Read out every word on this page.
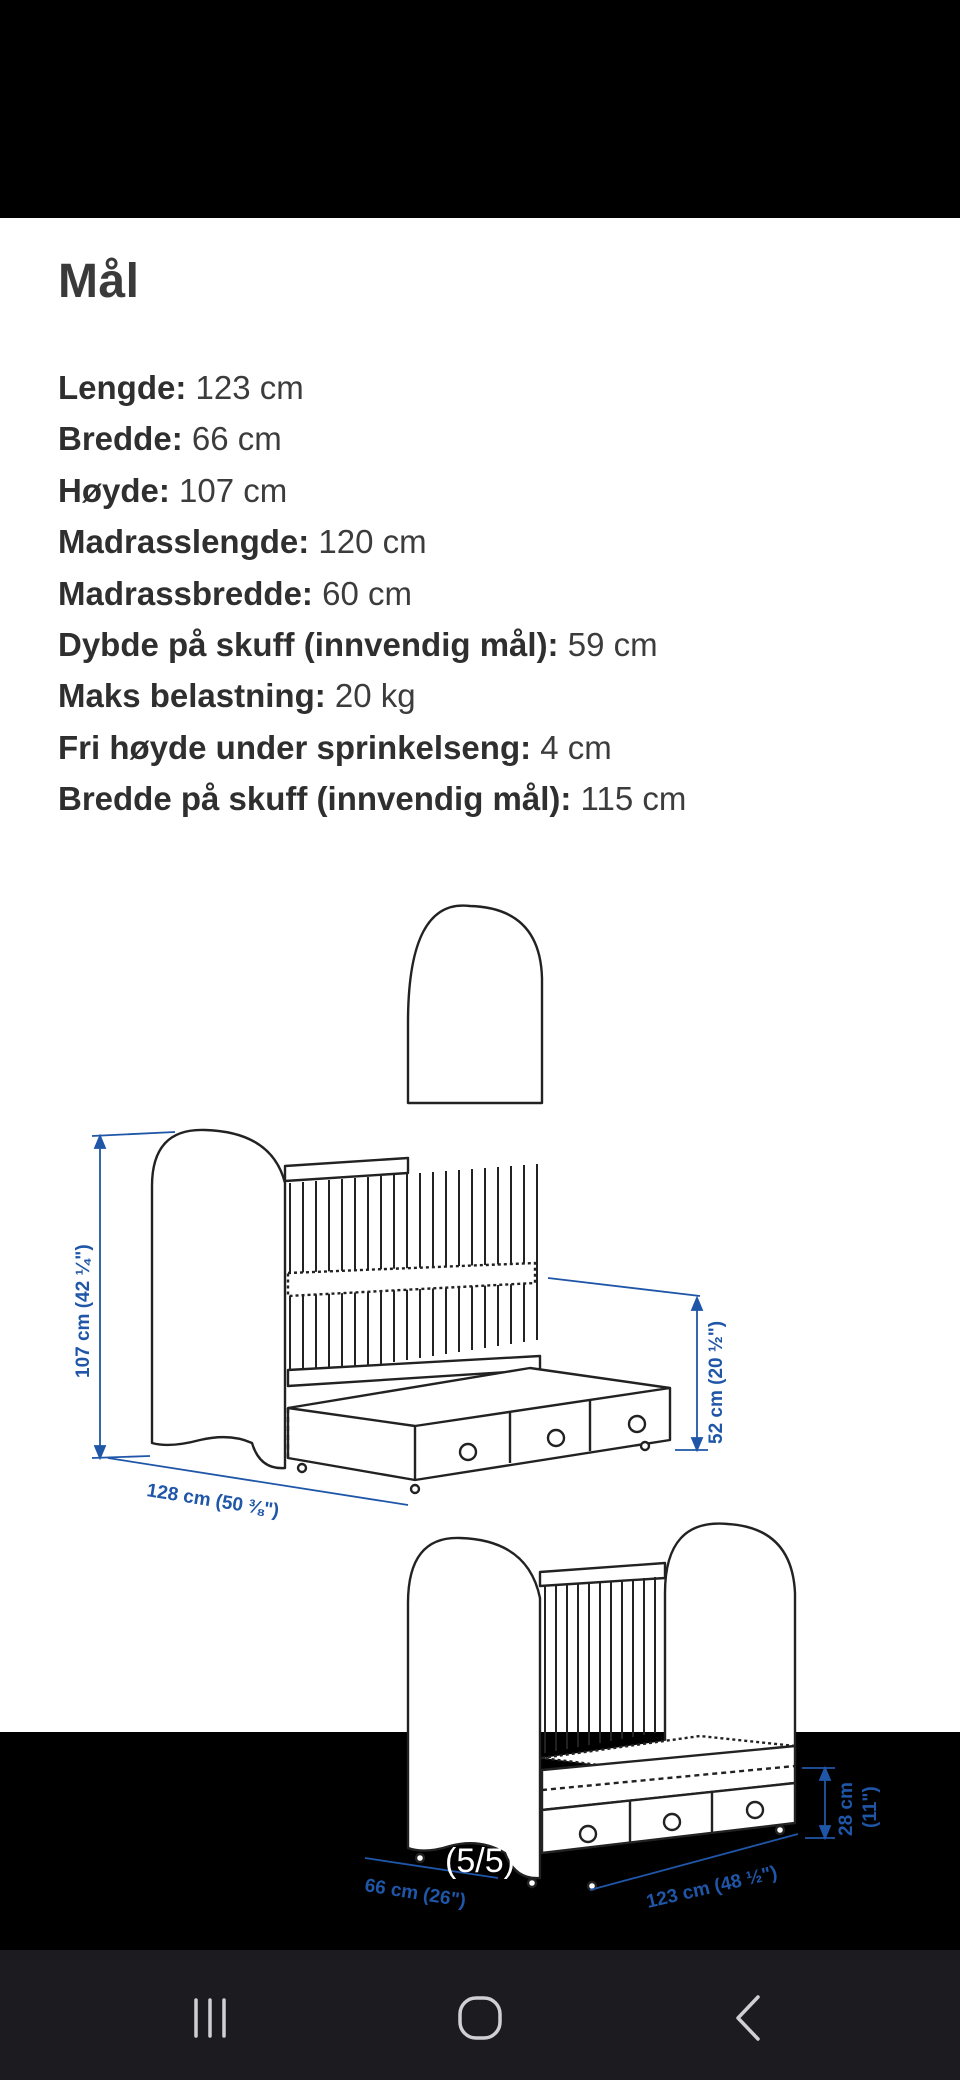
Mål
Lengde: 123 cm
Bredde: 66 cm
Høyde: 107 cm
Madrasslengde: 120 cm
Madrassbredde: 60 cm
Dybde på skuff (innvendig mål): 59 cm
Maks belastning: 20 kg
Fri høyde under sprinkelseng: 4 cm
Bredde på skuff (innvendig mål): 115 cm
107 cm (42 ¼")
128 cm (50 ⅜")
52 cm (20 ½")
66 cm (26")	123 cm (48 ½")
28 cm (11")
(5/5)
